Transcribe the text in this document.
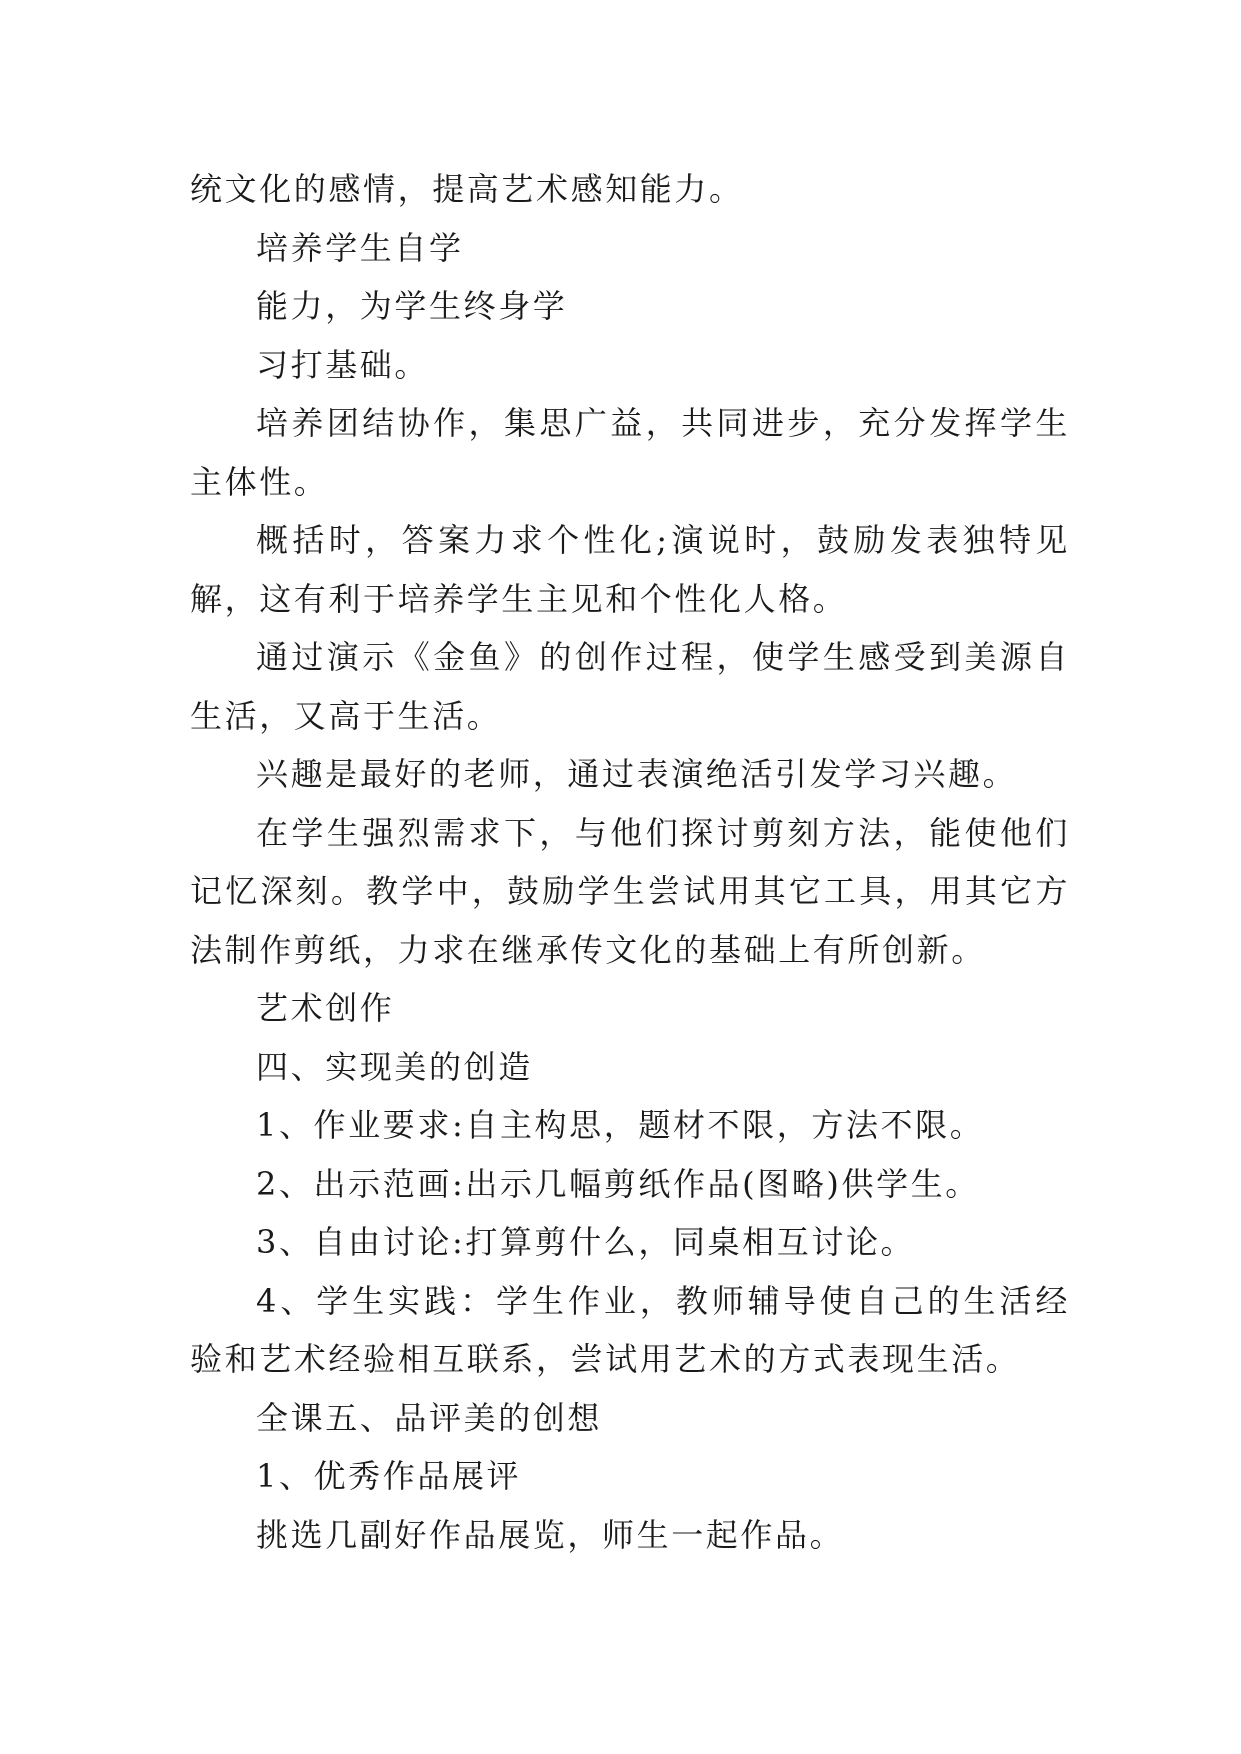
统文化的感情，提高艺术感知能力。

培养学生自学

能力，为学生终身学

习打基础。

培养团结协作，集思广益，共同进步，充分发挥学生主体性。

概括时，答案力求个性化;演说时，鼓励发表独特见解，这有利于培养学生主见和个性化人格。

通过演示《金鱼》的创作过程，使学生感受到美源自生活，又高于生活。

兴趣是最好的老师，通过表演绝活引发学习兴趣。

在学生强烈需求下，与他们探讨剪刻方法，能使他们记忆深刻。教学中，鼓励学生尝试用其它工具，用其它方法制作剪纸，力求在继承传文化的基础上有所创新。

艺术创作

四、实现美的创造

1、作业要求:自主构思，题材不限，方法不限。

2、出示范画:出示几幅剪纸作品(图略)供学生。

3、自由讨论:打算剪什么，同桌相互讨论。

4、学生实践：学生作业，教师辅导使自己的生活经验和艺术经验相互联系，尝试用艺术的方式表现生活。

全课五、品评美的创想

1、优秀作品展评

挑选几副好作品展览，师生一起作品。
